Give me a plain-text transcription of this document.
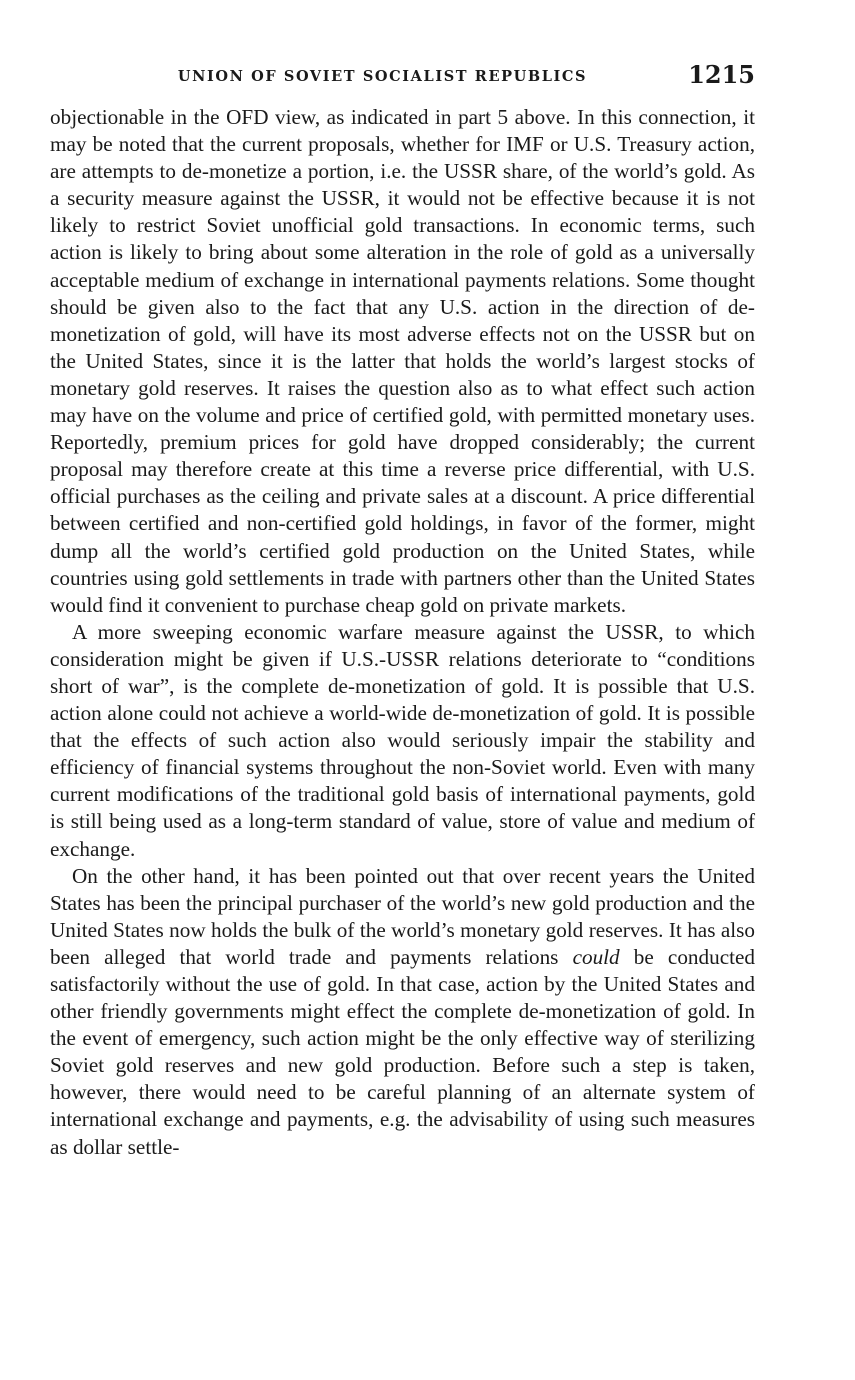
UNION OF SOVIET SOCIALIST REPUBLICS	1215

objectionable in the OFD view, as indicated in part 5 above. In this connection, it may be noted that the current proposals, whether for IMF or U.S. Treasury action, are attempts to de-monetize a portion, i.e. the USSR share, of the world’s gold. As a security measure against the USSR, it would not be effective because it is not likely to restrict Soviet unofficial gold transactions. In economic terms, such action is likely to bring about some alteration in the role of gold as a universally acceptable medium of exchange in international payments relations. Some thought should be given also to the fact that any U.S. action in the direction of de-monetization of gold, will have its most adverse effects not on the USSR but on the United States, since it is the latter that holds the world’s largest stocks of monetary gold reserves. It raises the question also as to what effect such action may have on the volume and price of certified gold, with permitted monetary uses. Reportedly, premium prices for gold have dropped considerably; the current proposal may therefore create at this time a reverse price differential, with U.S. official purchases as the ceiling and private sales at a discount. A price differential between certified and non-certified gold holdings, in favor of the former, might dump all the world’s certified gold production on the United States, while countries using gold settlements in trade with partners other than the United States would find it convenient to purchase cheap gold on private markets.

A more sweeping economic warfare measure against the USSR, to which consideration might be given if U.S.-USSR relations deteriorate to “conditions short of war”, is the complete de-monetization of gold. It is possible that U.S. action alone could not achieve a world-wide de-monetization of gold. It is possible that the effects of such action also would seriously impair the stability and efficiency of financial systems throughout the non-Soviet world. Even with many current modifications of the traditional gold basis of international payments, gold is still being used as a long-term standard of value, store of value and medium of exchange.

On the other hand, it has been pointed out that over recent years the United States has been the principal purchaser of the world’s new gold production and the United States now holds the bulk of the world’s monetary gold reserves. It has also been alleged that world trade and payments relations could be conducted satisfactorily without the use of gold. In that case, action by the United States and other friendly governments might effect the complete de-monetization of gold. In the event of emergency, such action might be the only effective way of sterilizing Soviet gold reserves and new gold production. Before such a step is taken, however, there would need to be careful planning of an alternate system of international exchange and payments, e.g. the advisability of using such measures as dollar settle-
